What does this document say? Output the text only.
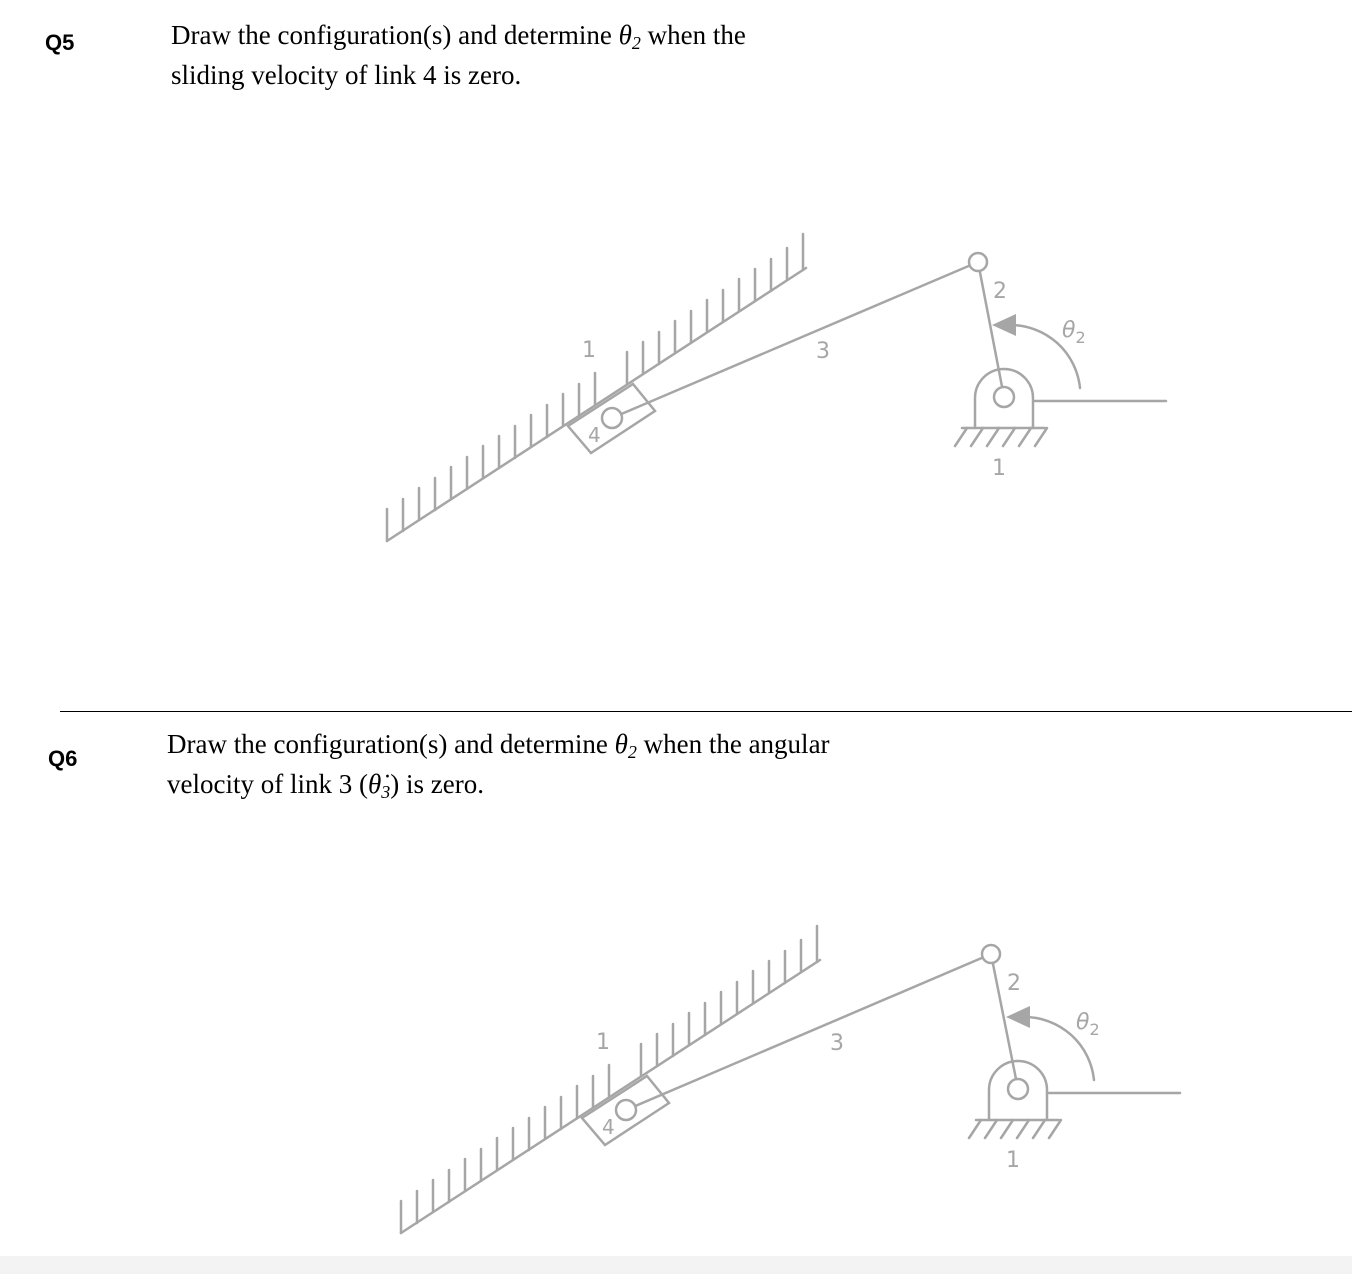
Q5	Draw the configuration(s) and determine $\theta_2$ when the
sliding velocity of link 4 is zero.
1	3
2
4
1
$\theta_2$
Q6	Draw the configuration(s) and determine $\theta_2$ when the angular
velocity of link 3 $(\thetȧ_3)$ is zero.
1	3
2
4
1
$\theta_2$
